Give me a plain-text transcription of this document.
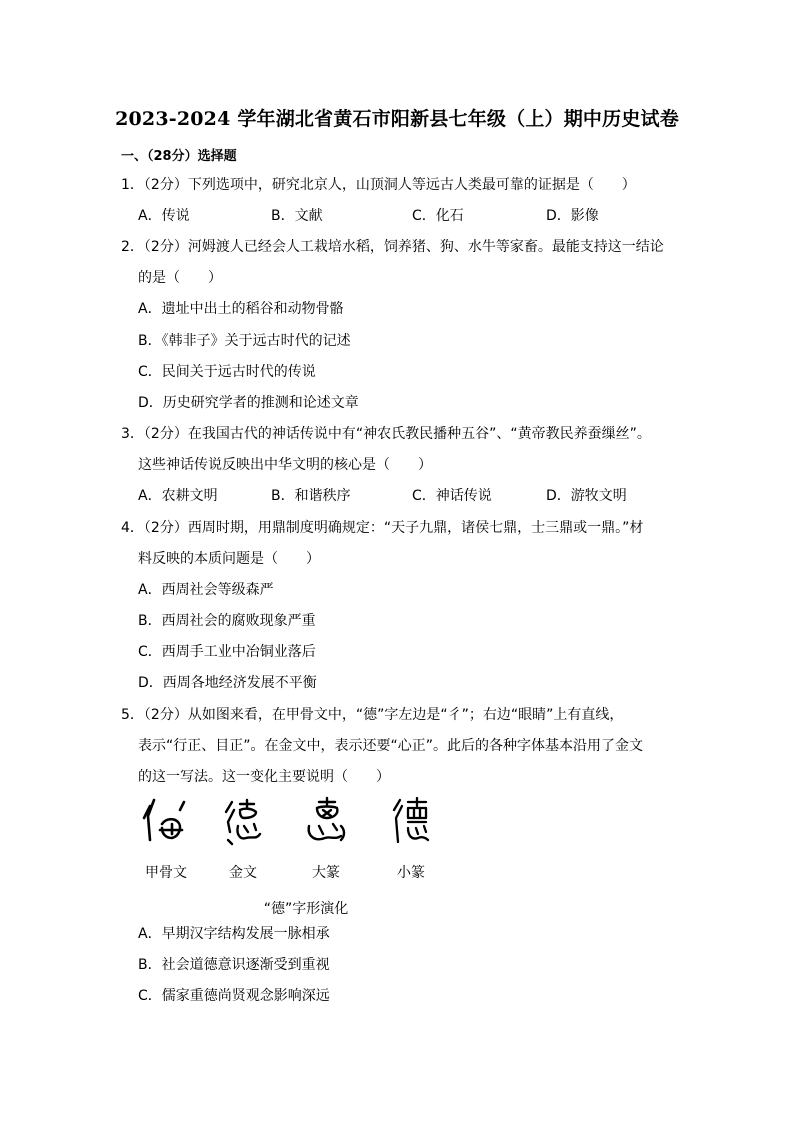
2023-2024 学年湖北省黄石市阳新县七年级（上）期中历史试卷
一、（28分）选择题
1．（2分）下列选项中，研究北京人，山顶洞人等远古人类最可靠的证据是（　　）
A．传说	B．文献	C．化石	D．影像
2．（2分）河姆渡人已经会人工栽培水稻，饲养猪、狗、水牛等家畜。最能支持这一结论
的是（　　）
A．遗址中出土的稻谷和动物骨骼
B．《韩非子》关于远古时代的记述
C．民间关于远古时代的传说
D．历史研究学者的推测和论述文章
3．（2分）在我国古代的神话传说中有“神农氏教民播种五谷”、“黄帝教民养蚕缫丝”。
这些神话传说反映出中华文明的核心是（　　）
A．农耕文明	B．和谐秩序	C．神话传说	D．游牧文明
4．（2分）西周时期，用鼎制度明确规定：“天子九鼎，诸侯七鼎，士三鼎或一鼎。”材
料反映的本质问题是（　　）
A．西周社会等级森严
B．西周社会的腐败现象严重
C．西周手工业中冶铜业落后
D．西周各地经济发展不平衡
5．（2分）从如图来看，在甲骨文中，“德”字左边是“彳”；右边“眼睛”上有直线，
表示“行正、目正”。在金文中，表示还要“心正”。此后的各种字体基本沿用了金文
的这一写法。这一变化主要说明（　　）
甲骨文	金文	大篆	小篆
“德”字形演化
A．早期汉字结构发展一脉相承
B．社会道德意识逐渐受到重视
C．儒家重德尚贤观念影响深远
